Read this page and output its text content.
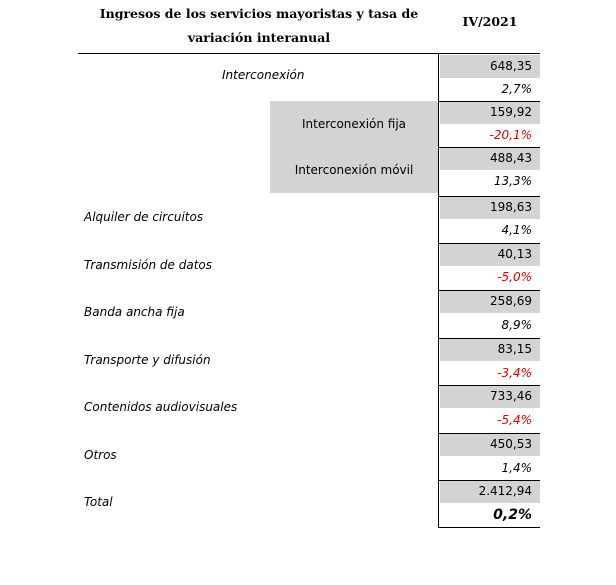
Ingresos de los servicios mayoristas y tasa de variación interanual
IV/2021
Interconexión
648,35
2,7%
Interconexión fija
Interconexión móvil
159,92
-20,1%
488,43
13,3%
Alquiler de circuitos
198,63
4,1%
Transmisión de datos
40,13
-5,0%
Banda ancha fija
258,69
8,9%
Transporte y difusión
83,15
-3,4%
Contenidos audiovisuales
733,46
-5,4%
Otros
450,53
1,4%
Total
2.412,94
0,2%
